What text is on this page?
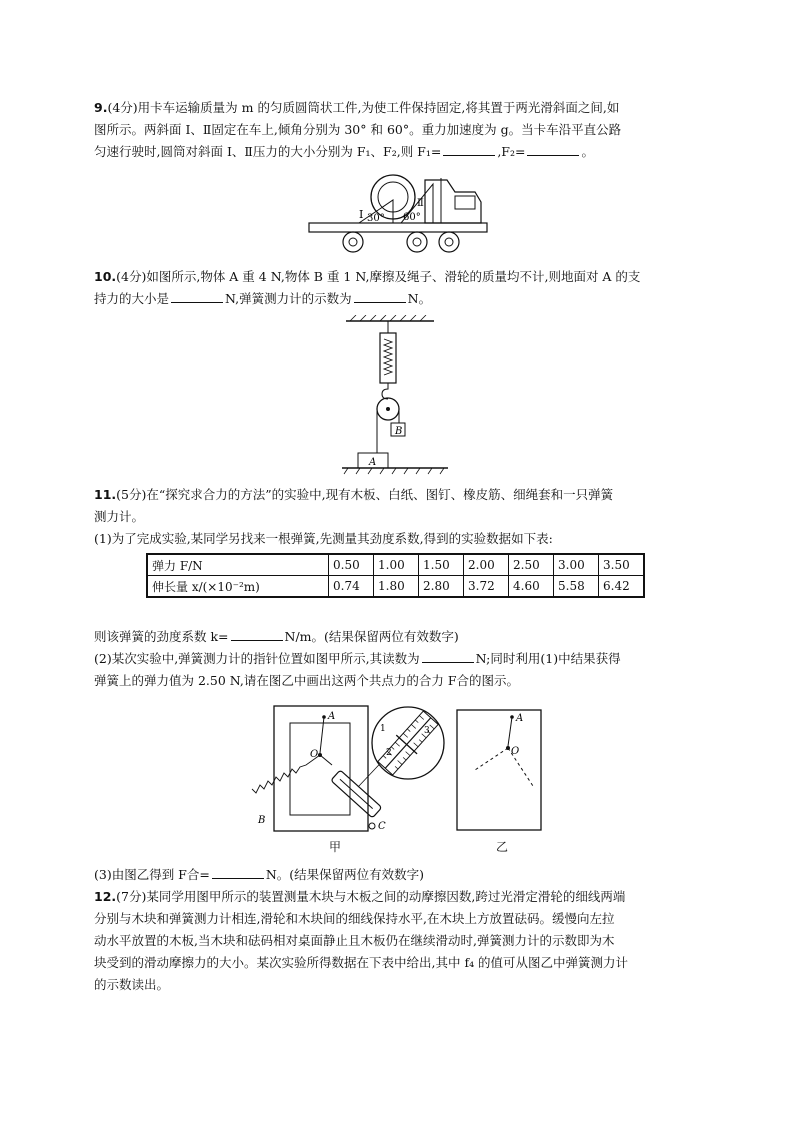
9.(4分)用卡车运输质量为 m 的匀质圆筒状工件,为使工件保持固定,将其置于两光滑斜面之间,如
图所示。两斜面 Ⅰ、Ⅱ固定在车上,倾角分别为 30° 和 60°。重力加速度为 g。当卡车沿平直公路
匀速行驶时,圆筒对斜面 Ⅰ、Ⅱ压力的大小分别为 F₁、F₂,则 F₁=	,F₂=	。
Ⅰ 30° 60°
Ⅱ
10.(4分)如图所示,物体 A 重 4 N,物体 B 重 1 N,摩擦及绳子、滑轮的质量均不计,则地面对 A 的支
持力的大小是	N,弹簧测力计的示数为	N。
B
A
11.(5分)在“探究求合力的方法”的实验中,现有木板、白纸、图钉、橡皮筋、细绳套和一只弹簧
测力计。
(1)为了完成实验,某同学另找来一根弹簧,先测量其劲度系数,得到的实验数据如下表:
弹力 F/N	0.50	1.00	1.50	2.00	2.50	3.00	3.50
伸长量 x/(×10⁻²m)	0.74	1.80	2.80	3.72	4.60	5.58	6.42
则该弹簧的劲度系数 k=	N/m。(结果保留两位有效数字)
(2)某次实验中,弹簧测力计的指针位置如图甲所示,其读数为	N;同时利用(1)中结果获得
弹簧上的弹力值为 2.50 N,请在图乙中画出这两个共点力的合力 F合的图示。
A
O
B
C
1
2
3
A
O
甲	乙
(3)由图乙得到 F合=	N。(结果保留两位有效数字)
12.(7分)某同学用图甲所示的装置测量木块与木板之间的动摩擦因数,跨过光滑定滑轮的细线两端
分别与木块和弹簧测力计相连,滑轮和木块间的细线保持水平,在木块上方放置砝码。缓慢向左拉
动水平放置的木板,当木块和砝码相对桌面静止且木板仍在继续滑动时,弹簧测力计的示数即为木
块受到的滑动摩擦力的大小。某次实验所得数据在下表中给出,其中 f₄ 的值可从图乙中弹簧测力计
的示数读出。
